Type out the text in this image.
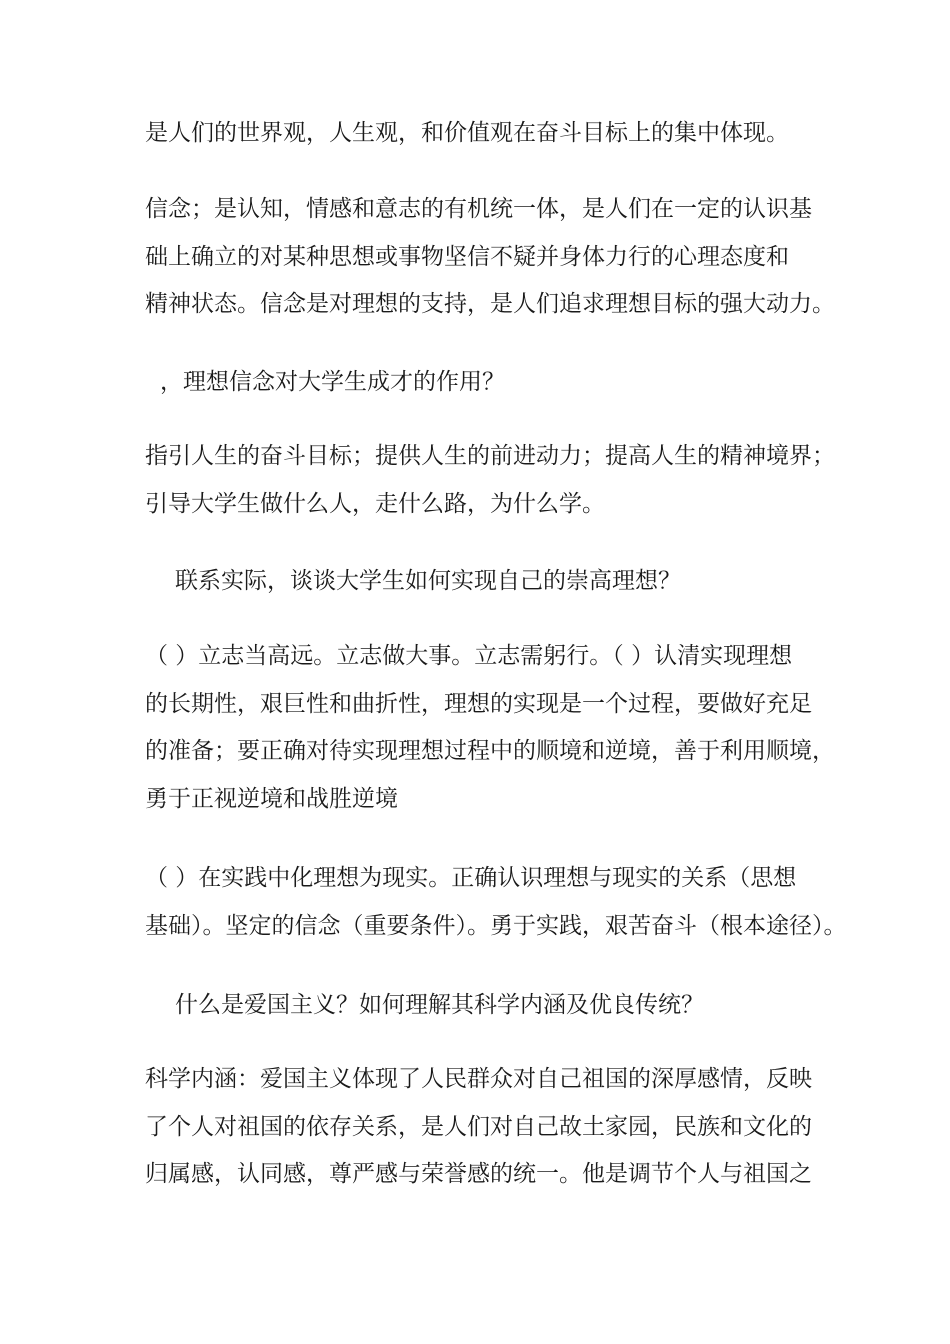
是人们的世界观，人生观，和价值观在奋斗目标上的集中体现。

信念；是认知，情感和意志的有机统一体，是人们在一定的认识基
础上确立的对某种思想或事物坚信不疑并身体力行的心理态度和
精神状态。信念是对理想的支持，是人们追求理想目标的强大动力。

，理想信念对大学生成才的作用？

指引人生的奋斗目标；提供人生的前进动力；提高人生的精神境界；
引导大学生做什么人，走什么路，为什么学。

联系实际，谈谈大学生如何实现自己的崇高理想？

（ ）立志当高远。立志做大事。立志需躬行。（ ）认清实现理想
的长期性，艰巨性和曲折性，理想的实现是一个过程，要做好充足
的准备；要正确对待实现理想过程中的顺境和逆境，善于利用顺境，
勇于正视逆境和战胜逆境

（ ）在实践中化理想为现实。正确认识理想与现实的关系（思想
基础）。坚定的信念（重要条件）。勇于实践，艰苦奋斗（根本途径）。

什么是爱国主义？如何理解其科学内涵及优良传统？

科学内涵：爱国主义体现了人民群众对自己祖国的深厚感情，反映
了个人对祖国的依存关系，是人们对自己故土家园，民族和文化的
归属感，认同感，尊严感与荣誉感的统一。他是调节个人与祖国之
